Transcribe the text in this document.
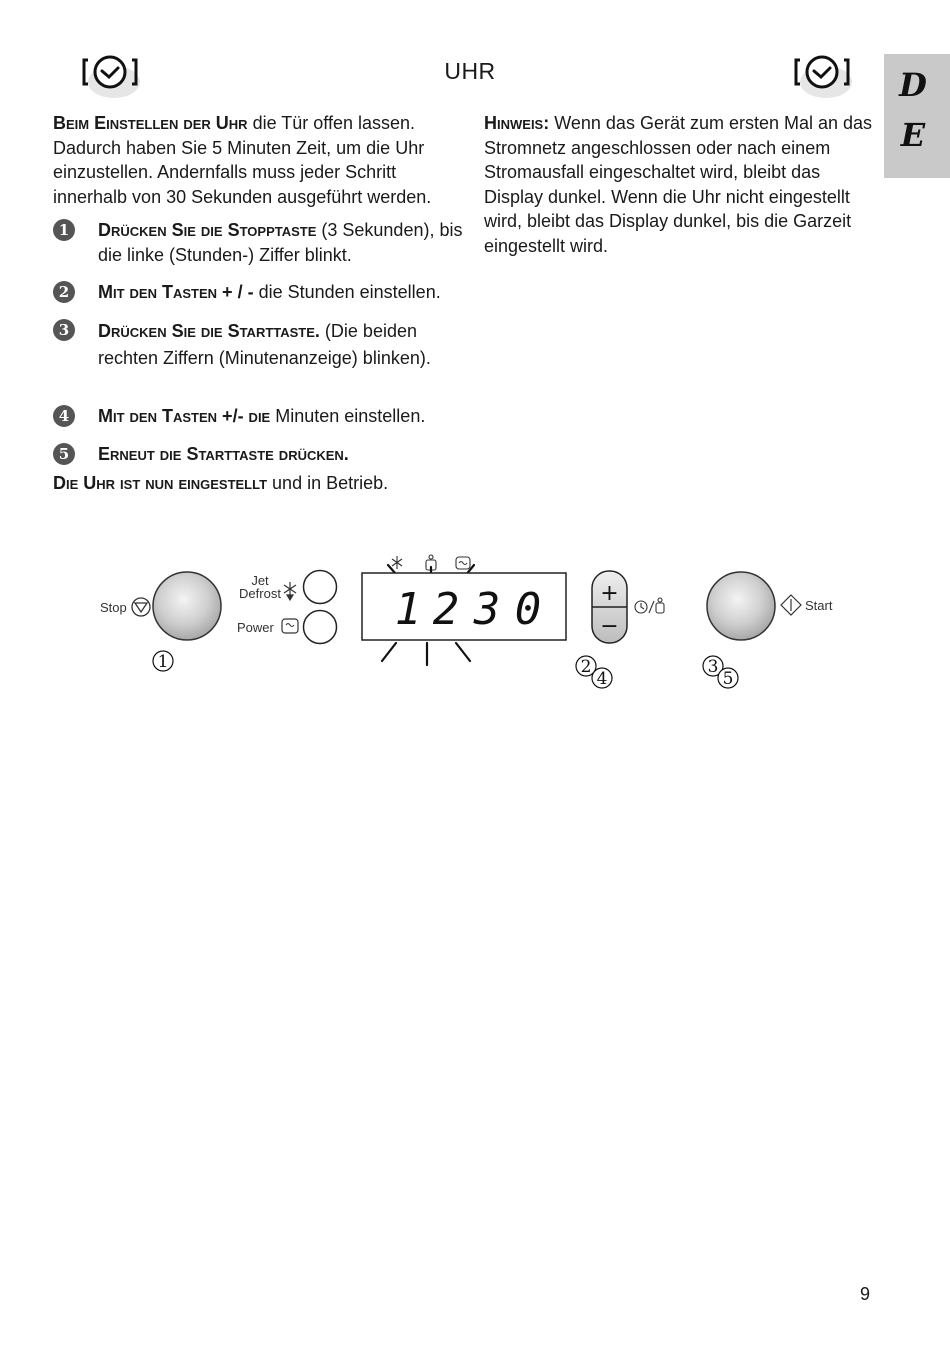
UHR	D
E
Beim Einstellen der Uhr die Tür offen lassen. Dadurch haben Sie 5 Minuten Zeit, um die Uhr einzustellen. Andernfalls muss jeder Schritt innerhalb von 30 Sekunden ausgeführt werden.
Hinweis: Wenn das Gerät zum ersten Mal an das Stromnetz angeschlossen oder nach einem Stromausfall eingeschaltet wird, bleibt das Display dunkel. Wenn die Uhr nicht eingestellt wird, bleibt das Display dunkel, bis die Garzeit eingestellt wird.
1	Drücken Sie die Stopptaste (3 Sekunden), bis die linke (Stunden-) Ziffer blinkt.
2	Mit den Tasten + / - die Stunden einstellen.
3	Drücken Sie die Starttaste. (Die beiden rechten Ziffern (Minutenanzeige) blinken).
4	Mit den Tasten +/- die Minuten einstellen.
5	Erneut die Starttaste drücken.
Die Uhr ist nun eingestellt und in Betrieb.
Stop
1
Jet
Defrost
Power	1 2 3 0	+
−
2
4
Start
3
5
9
